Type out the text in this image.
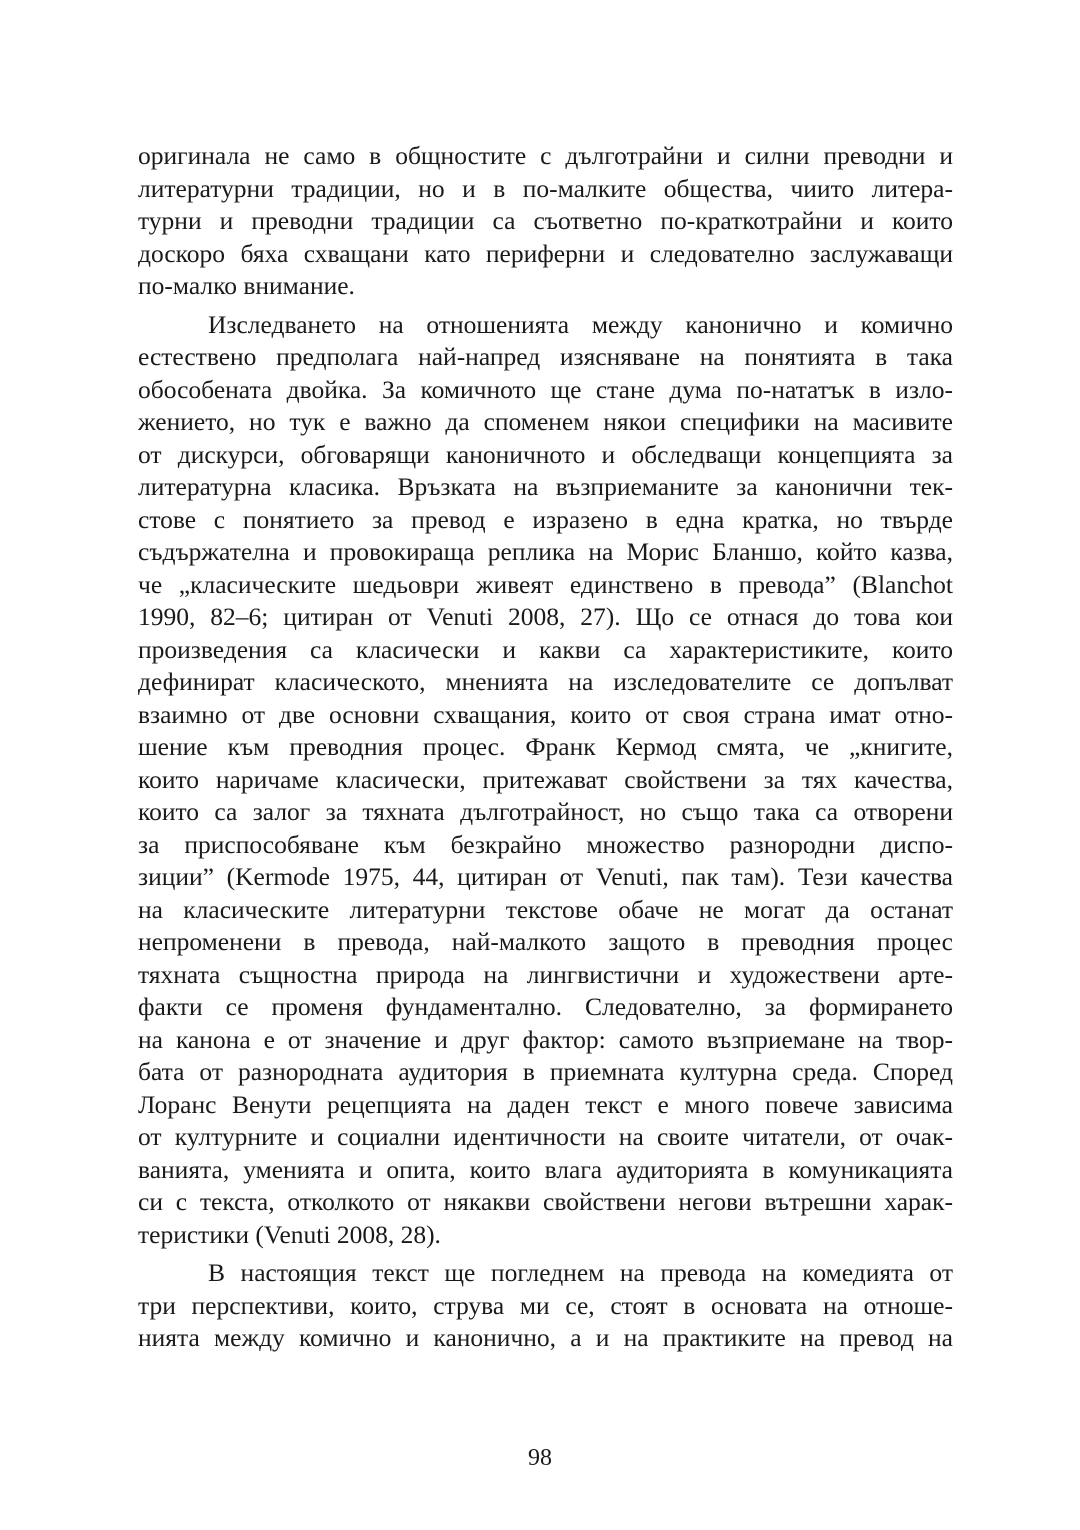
оригинала не само в общностите с дълготрайни и силни преводни и
литературни традиции, но и в по-малките общества, чиито литера-
турни и преводни традиции са съответно по-краткотрайни и които
доскоро бяха схващани като периферни и следователно заслужаващи
по-малко внимание.
Изследването на отношенията между канонично и комично
естествено предполага най-напред изясняване на понятията в така
обособената двойка. За комичното ще стане дума по-нататък в изло-
жението, но тук е важно да споменем някои специфики на масивите
от дискурси, обговарящи каноничното и обследващи концепцията за
литературна класика. Връзката на възприеманите за канонични тек-
стове с понятието за превод е изразено в една кратка, но твърде
съдържателна и провокираща реплика на Морис Бланшо, който казва,
че „класическите шедьоври живеят единствено в превода” (Blanchot
1990, 82–6; цитиран от Venuti 2008, 27). Що се отнася до това кои
произведения са класически и какви са характеристиките, които
дефинират класическото, мненията на изследователите се допълват
взаимно от две основни схващания, които от своя страна имат отно-
шение към преводния процес. Франк Кермод смята, че „книгите,
които наричаме класически, притежават свойствени за тях качества,
които са залог за тяхната дълготрайност, но също така са отворени
за приспособяване към безкрайно множество разнородни диспо-
зиции” (Kermode 1975, 44, цитиран от Venuti, пак там). Тези качества
на класическите литературни текстове обаче не могат да останат
непроменени в превода, най-малкото защото в преводния процес
тяхната същностна природа на лингвистични и художествени арте-
факти се променя фундаментално. Следователно, за формирането
на канона е от значение и друг фактор: самото възприемане на твор-
бата от разнородната аудитория в приемната културна среда. Според
Лоранс Венути рецепцията на даден текст е много повече зависима
от културните и социални идентичности на своите читатели, от очак-
ванията, уменията и опита, които влага аудиторията в комуникацията
си с текста, отколкото от някакви свойствени негови вътрешни харак-
теристики (Venuti 2008, 28).
В настоящия текст ще погледнем на превода на комедията от
три перспективи, които, струва ми се, стоят в основата на отноше-
нията между комично и канонично, а и на практиките на превод на
98
